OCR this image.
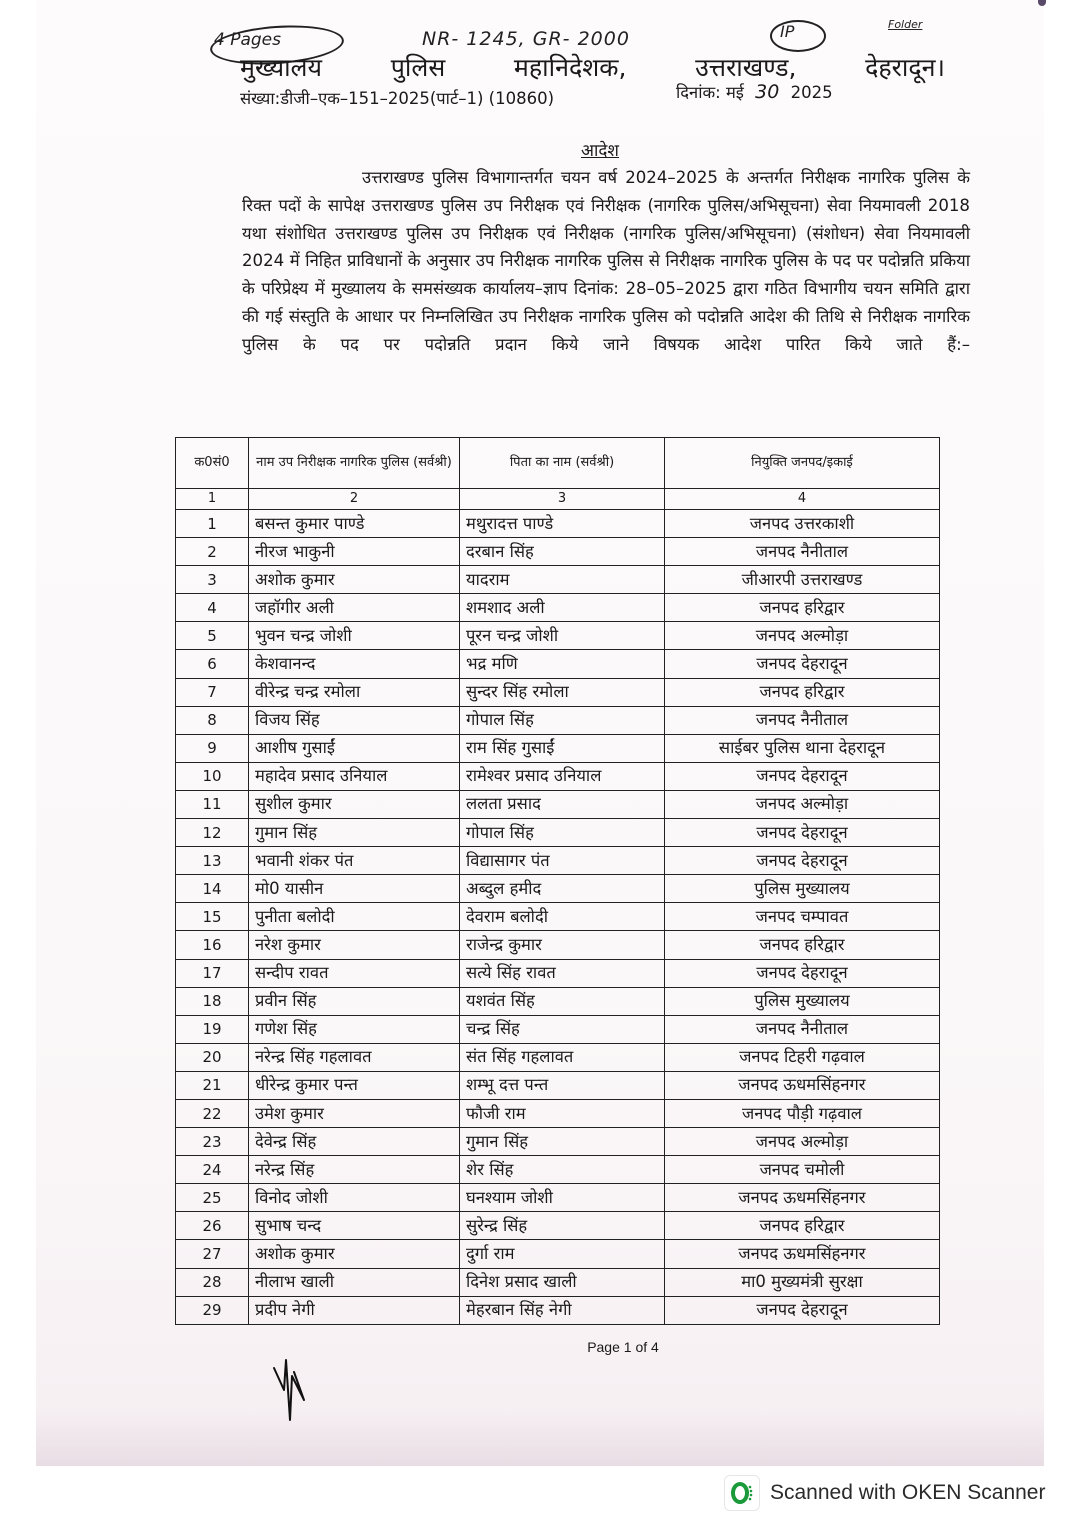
4 Pages	NR- 1245, GR- 2000	IP	Folder
मुख्यालय	पुलिस	महानिदेशक,	उत्तराखण्ड,	देहरादून।
संख्या:डीजी–एक–151–2025(पार्ट–1) (10860)	दिनांक: मई 30 2025
आदेश

उत्तराखण्ड पुलिस विभागान्तर्गत चयन वर्ष 2024–2025 के अन्तर्गत निरीक्षक नागरिक पुलिस के रिक्त पदों के सापेक्ष उत्तराखण्ड पुलिस उप निरीक्षक एवं निरीक्षक (नागरिक पुलिस/अभिसूचना) सेवा नियमावली 2018 यथा संशोधित उत्तराखण्ड पुलिस उप निरीक्षक एवं निरीक्षक (नागरिक पुलिस/अभिसूचना) (संशोधन) सेवा नियमावली 2024 में निहित प्राविधानों के अनुसार उप निरीक्षक नागरिक पुलिस से निरीक्षक नागरिक पुलिस के पद पर पदोन्नति प्रकिया के परिप्रेक्ष्य में मुख्यालय के समसंख्यक कार्यालय–ज्ञाप दिनांक: 28–05–2025 द्वारा गठित विभागीय चयन समिति द्वारा की गई संस्तुति के आधार पर निम्नलिखित उप निरीक्षक नागरिक पुलिस को पदोन्नति आदेश की तिथि से निरीक्षक नागरिक पुलिस के पद पर पदोन्नति प्रदान किये जाने विषयक आदेश पारित किये जाते हैं:–

क0सं0	नाम उप निरीक्षक नागरिक पुलिस (सर्वश्री)	पिता का नाम (सर्वश्री)	नियुक्ति जनपद/इकाई
1	2	3	4
1	बसन्त कुमार पाण्डे	मथुरादत्त पाण्डे	जनपद उत्तरकाशी
2	नीरज भाकुनी	दरबान सिंह	जनपद नैनीताल
3	अशोक कुमार	यादराम	जीआरपी उत्तराखण्ड
4	जहॉगीर अली	शमशाद अली	जनपद हरिद्वार
5	भुवन चन्द्र जोशी	पूरन चन्द्र जोशी	जनपद अल्मोड़ा
6	केशवानन्द	भद्र मणि	जनपद देहरादून
7	वीरेन्द्र चन्द्र रमोला	सुन्दर सिंह रमोला	जनपद हरिद्वार
8	विजय सिंह	गोपाल सिंह	जनपद नैनीताल
9	आशीष गुसाईं	राम सिंह गुसाईं	साईबर पुलिस थाना देहरादून
10	महादेव प्रसाद उनियाल	रामेश्वर प्रसाद उनियाल	जनपद देहरादून
11	सुशील कुमार	ललता प्रसाद	जनपद अल्मोड़ा
12	गुमान सिंह	गोपाल सिंह	जनपद देहरादून
13	भवानी शंकर पंत	विद्यासागर पंत	जनपद देहरादून
14	मो0 यासीन	अब्दुल हमीद	पुलिस मुख्यालय
15	पुनीता बलोदी	देवराम बलोदी	जनपद चम्पावत
16	नरेश कुमार	राजेन्द्र कुमार	जनपद हरिद्वार
17	सन्दीप रावत	सत्ये सिंह रावत	जनपद देहरादून
18	प्रवीन सिंह	यशवंत सिंह	पुलिस मुख्यालय
19	गणेश सिंह	चन्द्र सिंह	जनपद नैनीताल
20	नरेन्द्र सिंह गहलावत	संत सिंह गहलावत	जनपद टिहरी गढ़वाल
21	धीरेन्द्र कुमार पन्त	शम्भू दत्त पन्त	जनपद ऊधमसिंहनगर
22	उमेश कुमार	फौजी राम	जनपद पौड़ी गढ़वाल
23	देवेन्द्र सिंह	गुमान सिंह	जनपद अल्मोड़ा
24	नरेन्द्र सिंह	शेर सिंह	जनपद चमोली
25	विनोद जोशी	घनश्याम जोशी	जनपद ऊधमसिंहनगर
26	सुभाष चन्द	सुरेन्द्र सिंह	जनपद हरिद्वार
27	अशोक कुमार	दुर्गा राम	जनपद ऊधमसिंहनगर
28	नीलाभ खाली	दिनेश प्रसाद खाली	मा0 मुख्यमंत्री सुरक्षा
29	प्रदीप नेगी	मेहरबान सिंह नेगी	जनपद देहरादून
Page 1 of 4
Scanned with OKEN Scanner
